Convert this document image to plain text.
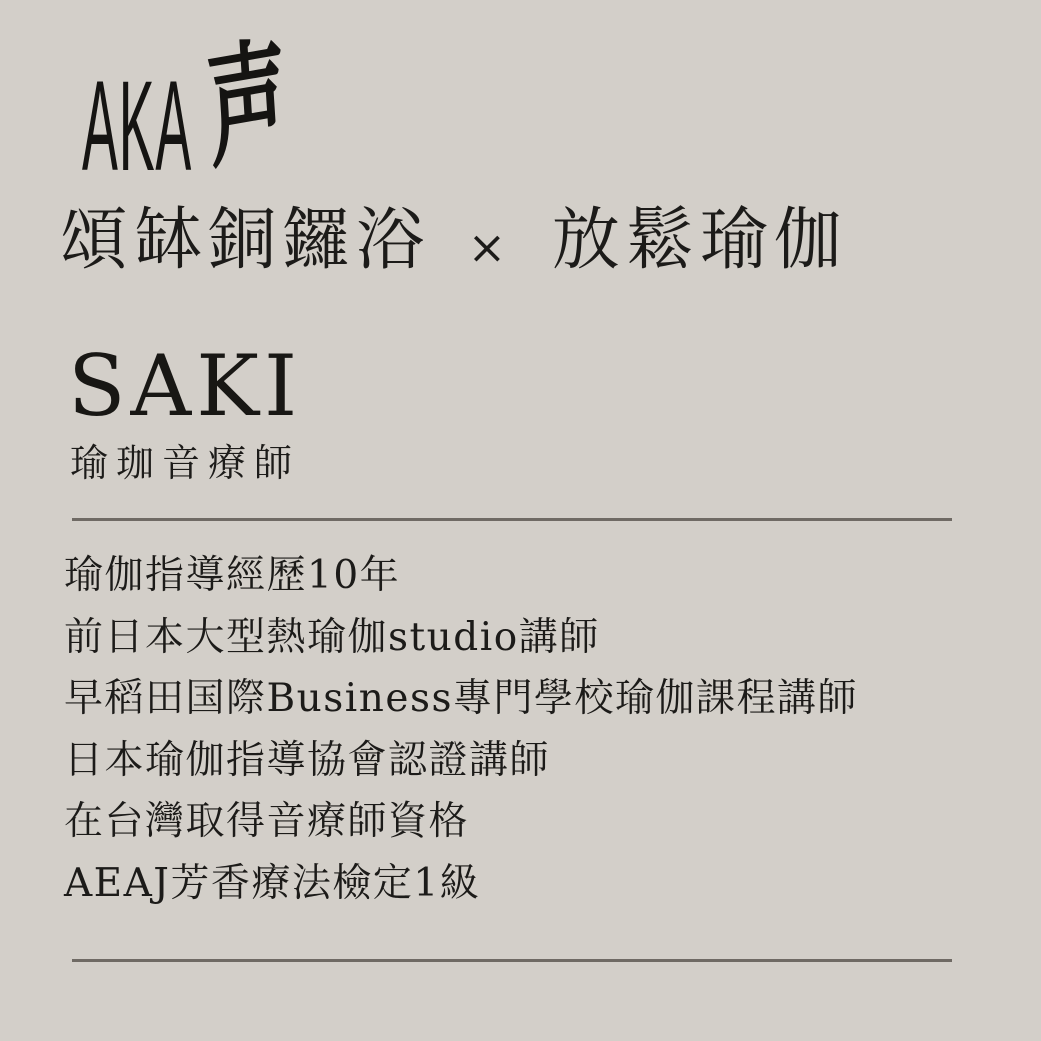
AKA 声
頌缽銅鑼浴 × 放鬆瑜伽
SAKI
瑜珈音療師
瑜伽指導經歷10年
前日本大型熱瑜伽studio講師
早稻田国際Business專門學校瑜伽課程講師
日本瑜伽指導協會認證講師
在台灣取得音療師資格
AEAJ芳香療法檢定1級
